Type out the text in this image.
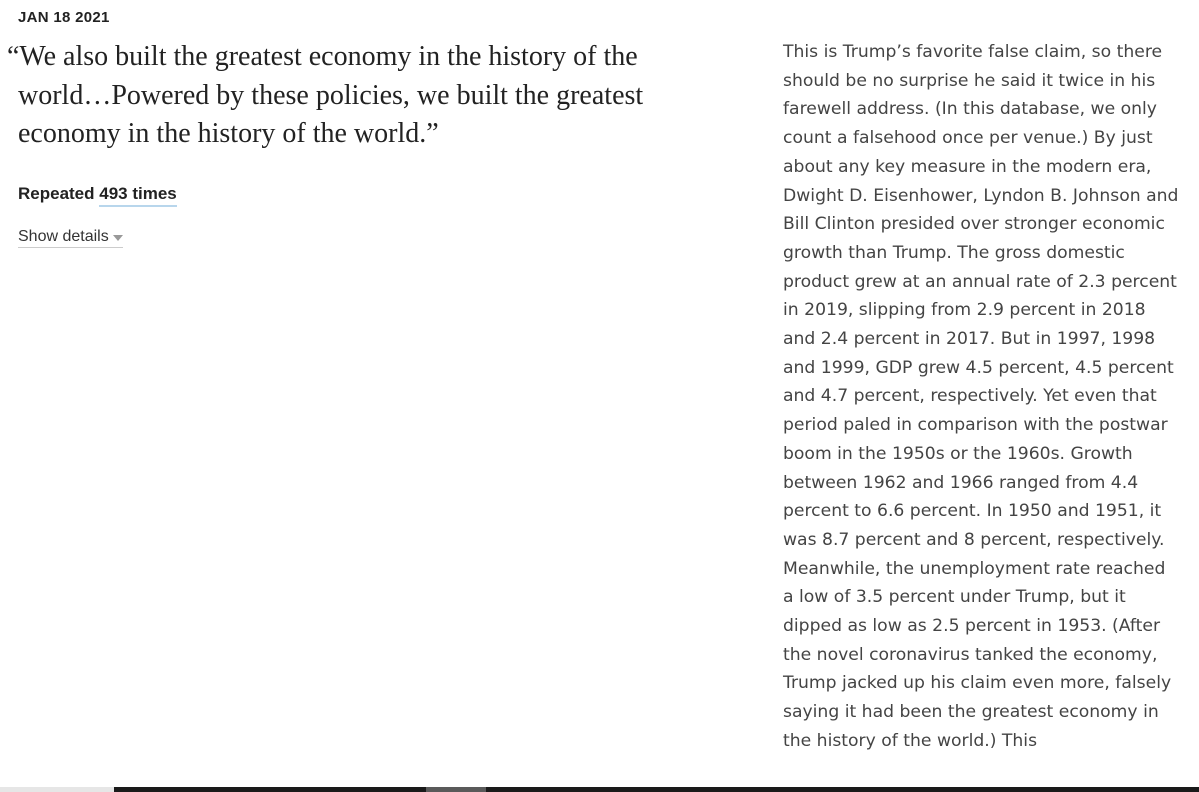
JAN 18 2021

“We also built the greatest economy in the history of the world…Powered by these policies, we built the greatest economy in the history of the world.”

Repeated 493 times
Show details

This is Trump’s favorite false claim, so there should be no surprise he said it twice in his farewell address. (In this database, we only count a falsehood once per venue.) By just about any key measure in the modern era, Dwight D. Eisenhower, Lyndon B. Johnson and Bill Clinton presided over stronger economic growth than Trump. The gross domestic product grew at an annual rate of 2.3 percent in 2019, slipping from 2.9 percent in 2018 and 2.4 percent in 2017. But in 1997, 1998 and 1999, GDP grew 4.5 percent, 4.5 percent and 4.7 percent, respectively. Yet even that period paled in comparison with the postwar boom in the 1950s or the 1960s. Growth between 1962 and 1966 ranged from 4.4 percent to 6.6 percent. In 1950 and 1951, it was 8.7 percent and 8 percent, respectively. Meanwhile, the unemployment rate reached a low of 3.5 percent under Trump, but it dipped as low as 2.5 percent in 1953. (After the novel coronavirus tanked the economy, Trump jacked up his claim even more, falsely saying it had been the greatest economy in the history of the world.) This
